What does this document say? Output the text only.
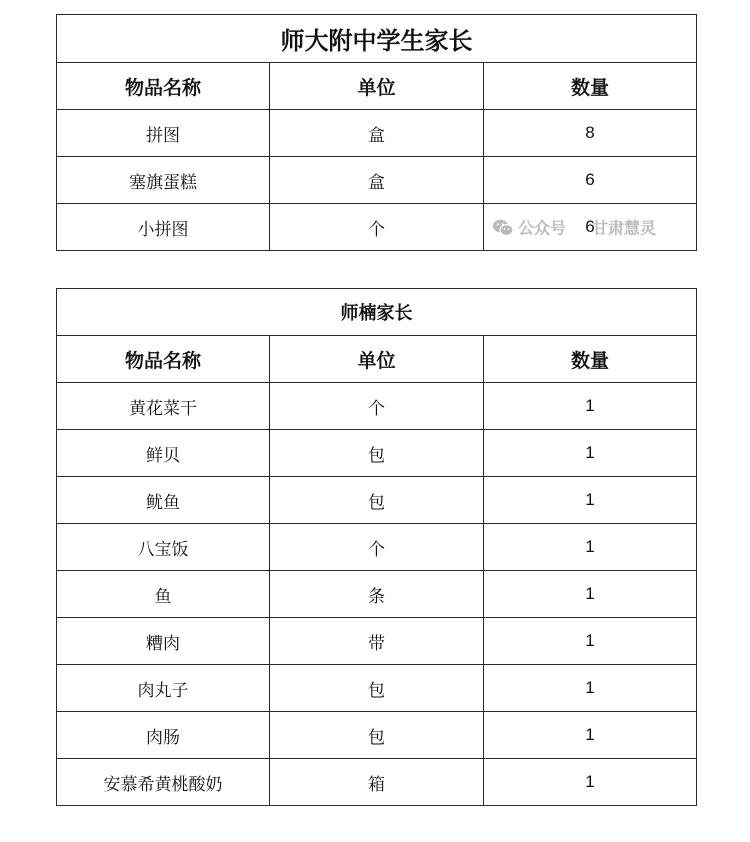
师大附中学生家长		
物品名称	单位	数量
拼图	盒	8
塞旗蛋糕	盒	6
小拼图	个	6
公众号 甘肃慧灵
师楠家长		
物品名称	单位	数量
黄花菜干	个	1
鲜贝	包	1
鱿鱼	包	1
八宝饭	个	1
鱼	条	1
糟肉	带	1
肉丸子	包	1
肉肠	包	1
安慕希黄桃酸奶	箱	1
